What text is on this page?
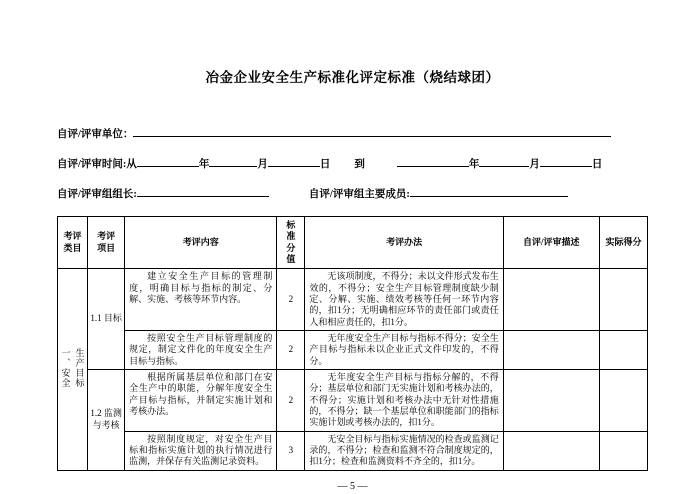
冶金企业安全生产标准化评定标准（烧结球团）
自评/评审单位：
自评/评审时间:从	年	月	日 到	年	月	日
自评/评审组组长:	自评/评审组主要成员:
考评类目	考评项目	考评内容	标准分值	考评办法	自评/评审描述	实际得分

一、安全生产目标	1.1 目标	建立安全生产目标的管理制度，明确目标与指标的制定、分解、实施、考核等环节内容。	2	无该项制度，不得分；未以文件形式发布生效的，不得分；安全生产目标管理制度缺少制定、分解、实施、绩效考核等任何一环节内容的，扣1分；无明确相应环节的责任部门或责任人和相应责任的，扣1分。		
		按照安全生产目标管理制度的规定，制定文件化的年度安全生产目标与指标。	2	无年度安全生产目标与指标不得分；安全生产目标与指标未以企业正式文件印发的，不得分。		
	1.2 监测与考核	根据所属基层单位和部门在安全生产中的职能，分解年度安全生产目标与指标，并制定实施计划和考核办法。	2	无年度安全生产目标与指标分解的，不得分；基层单位和部门无实施计划和考核办法的，不得分；实施计划和考核办法中无针对性措施的，不得分；缺一个基层单位和职能部门的指标实施计划或考核办法的，扣1分。		
		按照制度规定，对安全生产目标和指标实施计划的执行情况进行监测，并保存有关监测记录资料。	3	无安全目标与指标实施情况的检查或监测记录的，不得分；检查和监测不符合制度规定的，扣1分；检查和监测资料不齐全的，扣1分。		
— 5 —
